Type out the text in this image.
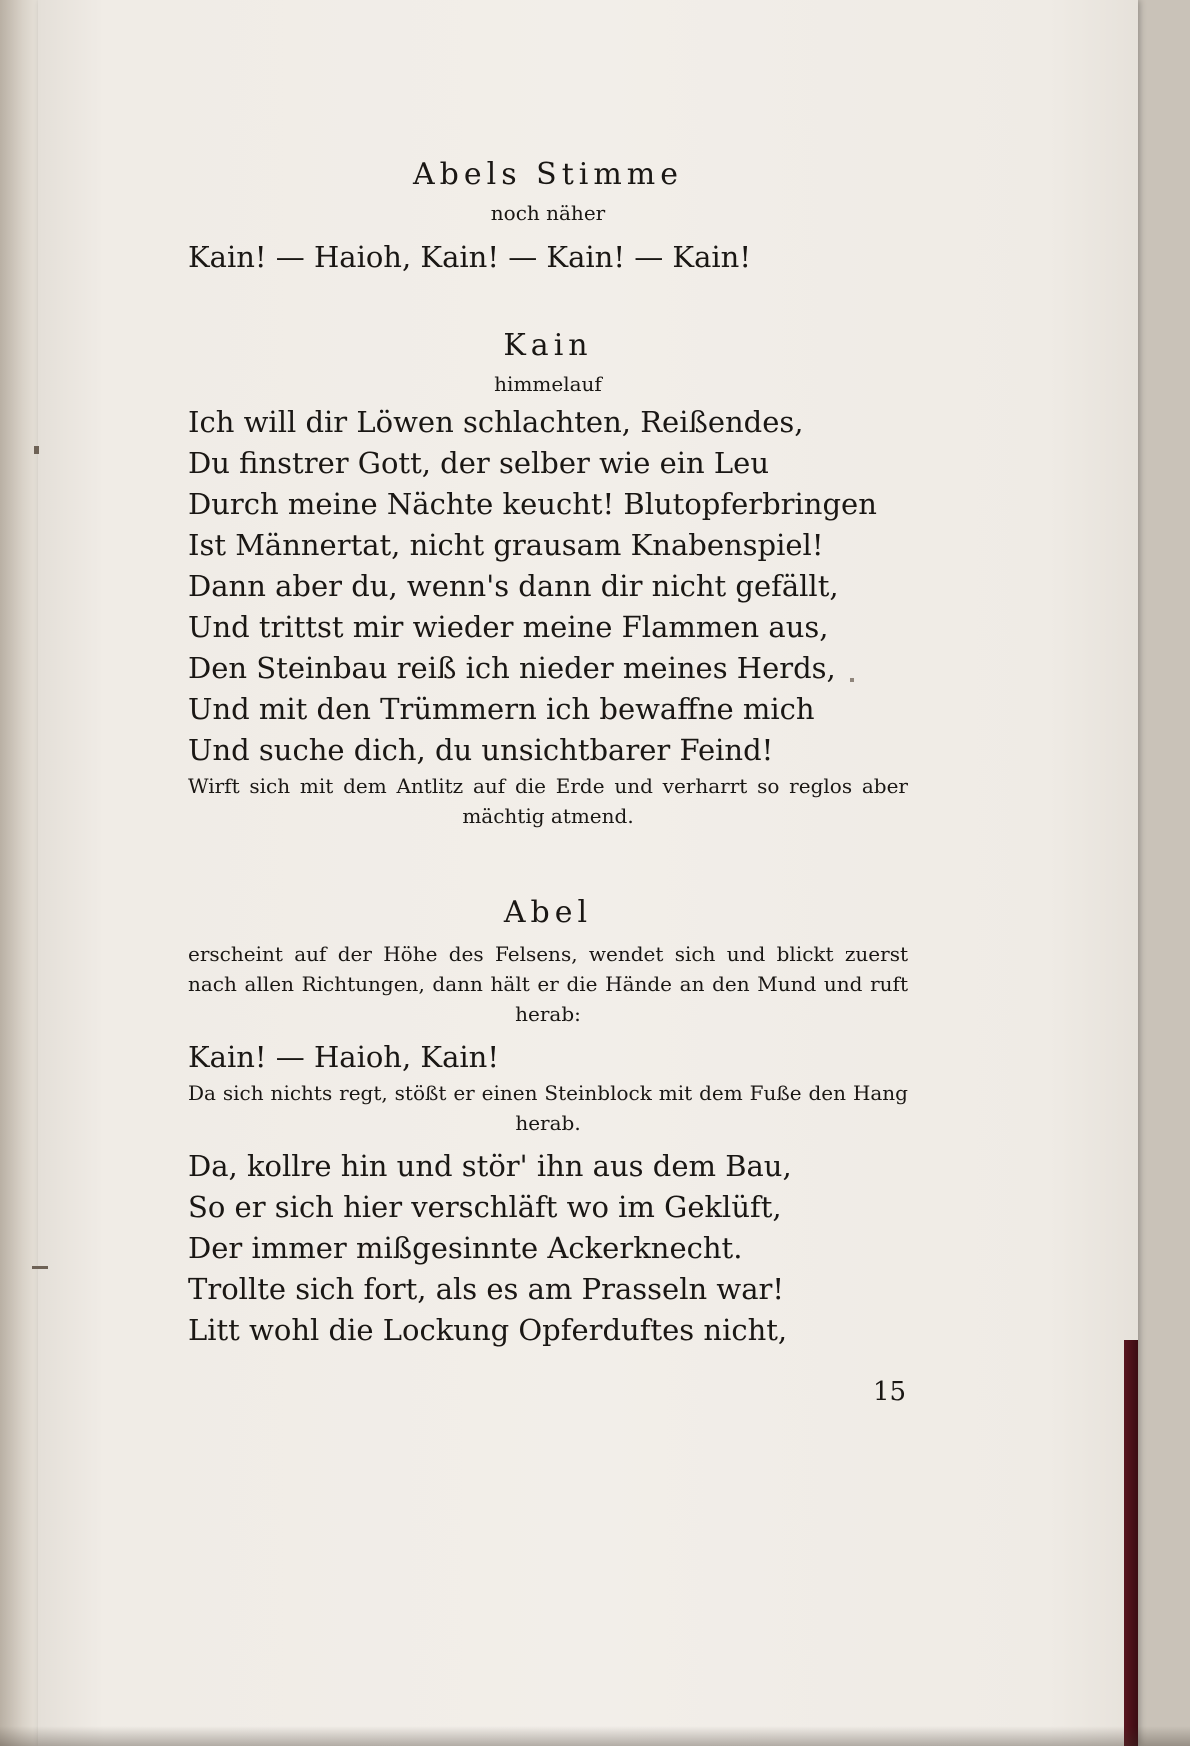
Abels Stimme

noch näher

Kain! — Haioh, Kain! — Kain! — Kain!

Kain

himmelauf

Ich will dir Löwen schlachten, Reißendes,

Du finstrer Gott, der selber wie ein Leu

Durch meine Nächte keucht! Blutopferbringen

Ist Männertat, nicht grausam Knabenspiel!

Dann aber du, wenn's dann dir nicht gefällt,

Und trittst mir wieder meine Flammen aus,

Den Steinbau reiß ich nieder meines Herds,

Und mit den Trümmern ich bewaffne mich

Und suche dich, du unsichtbarer Feind!

Wirft sich mit dem Antlitz auf die Erde und verharrt so reglos aber mächtig atmend.

Abel

erscheint auf der Höhe des Felsens, wendet sich und blickt zuerst nach allen Richtungen, dann hält er die Hände an den Mund und ruft herab:

Kain! — Haioh, Kain!

Da sich nichts regt, stößt er einen Steinblock mit dem Fuße den Hang herab.

Da, kollre hin und stör' ihn aus dem Bau,

So er sich hier verschläft wo im Geklüft,

Der immer mißgesinnte Ackerknecht.

Trollte sich fort, als es am Prasseln war!

Litt wohl die Lockung Opferduftes nicht,

15
